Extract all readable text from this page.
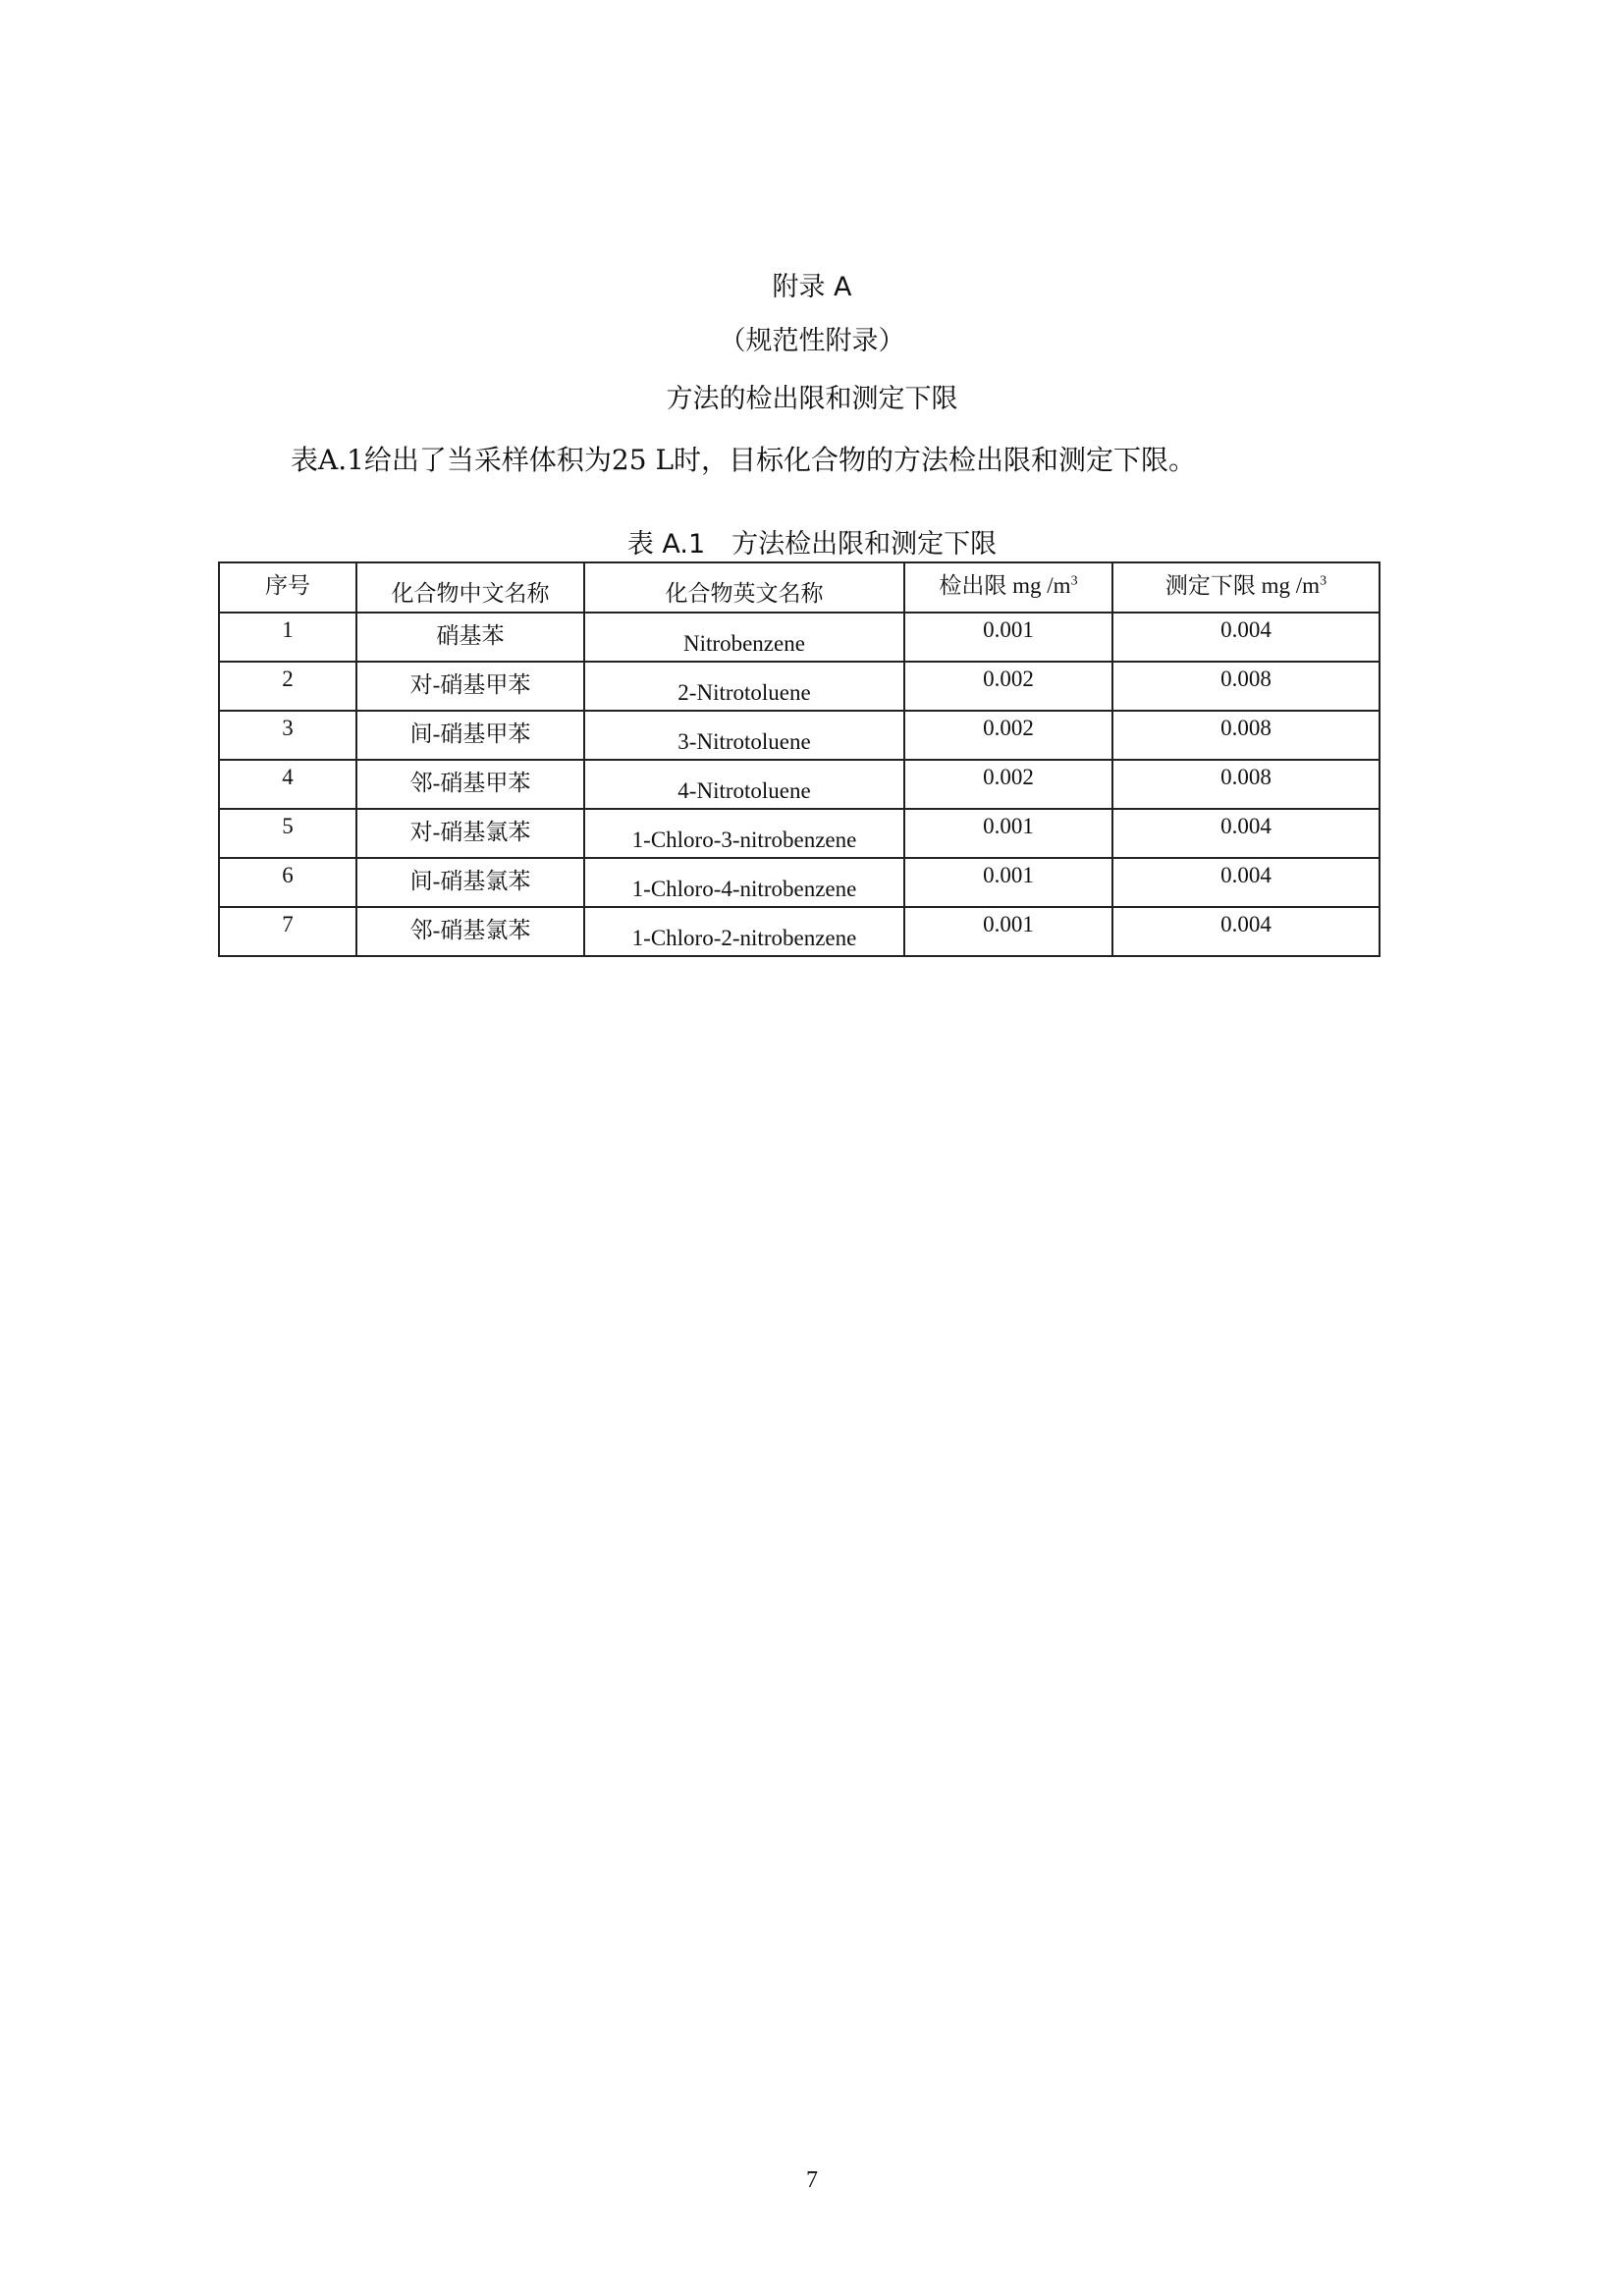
附录 A
（规范性附录）
方法的检出限和测定下限
表A.1给出了当采样体积为25 L时，目标化合物的方法检出限和测定下限。
表 A.1　方法检出限和测定下限
序号	化合物中文名称	化合物英文名称	检出限 mg $/m^3$	测定下限 mg $/m^3$
1	硝基苯	Nitrobenzene	0.001	0.004
2	对-硝基甲苯	2-Nitrotoluene	0.002	0.008
3	间-硝基甲苯	3-Nitrotoluene	0.002	0.008
4	邻-硝基甲苯	4-Nitrotoluene	0.002	0.008
5	对-硝基氯苯	1-Chloro-3-nitrobenzene	0.001	0.004
6	间-硝基氯苯	1-Chloro-4-nitrobenzene	0.001	0.004
7	邻-硝基氯苯	1-Chloro-2-nitrobenzene	0.001	0.004
7
